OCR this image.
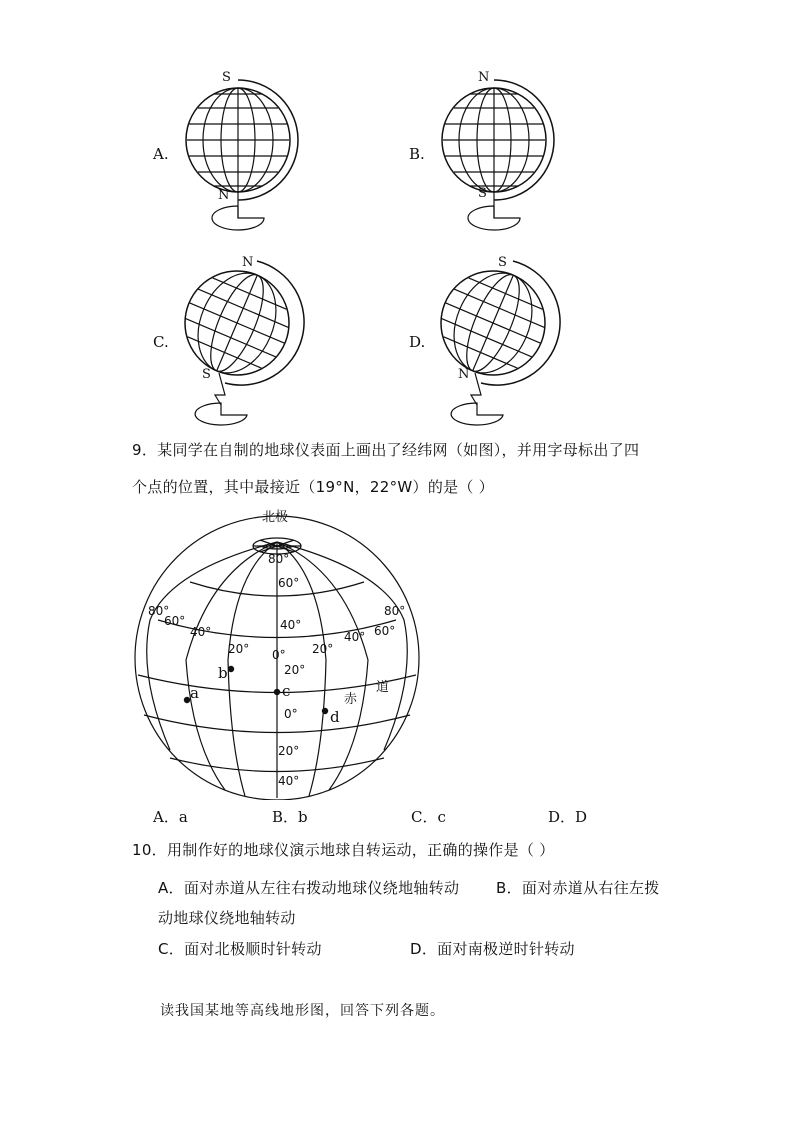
A.
S
N
B.
N
S
C.
N
S
D.
S
N
9．某同学在自制的地球仪表面上画出了经纬网（如图），并用字母标出了四
个点的位置，其中最接近（19°N，22°W）的是（ ）
北极
80°
60°
40°
20° 0° 20°
40° 60°
80°
80°
60°
40°
20°
0°
20°
40°
赤
道
a
b
c
d
A．a	B．b	C．c	D．D
10．用制作好的地球仪演示地球自转运动，正确的操作是（ ）
A．面对赤道从左往右拨动地球仪绕地轴转动 B．面对赤道从右往左拨
动地球仪绕地轴转动
C．面对北极顺时针转动	D．面对南极逆时针转动
读我国某地等高线地形图，回答下列各题。
